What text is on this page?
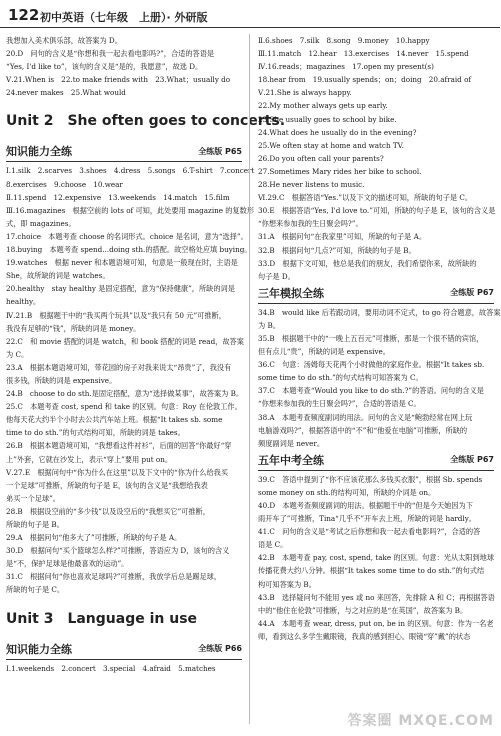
122 初中英语（七年级　上册）· 外研版
我想加入美术俱乐部，故答案为 D。
20.D　问句的含义是“你想和我一起去看电影吗?”，合适的答语是
“Yes, I'd like to”，该句的含义是“是的，我愿意”，故选 D。
Ⅴ.21.When is　22.to make friends with　23.What；usually do
24.never makes　25.What would
Unit 2　She often goes to concerts.
知识能力全练	全练版 P65
Ⅰ.1.silk　2.scarves　3.shoes　4.dress　5.songs　6.T-shirt　7.concert
8.exercises　9.choose　10.wear
Ⅱ.11.spend　12.expensive　13.weekends　14.match　15.film
Ⅲ.16.magazines　根据空前的 lots of 可知，此处要用 magazine 的复数形
式，即 magazines。
17.choice　本题考查 choose 的名词形式。choice 是名词，意为“选择”。
18.buying　本题考查 spend...doing sth.的搭配。故空格处应填 buying。
19.watches　根据 never 和本题语境可知，句意是一般现在时，主语是
She，故所缺的词是 watches。
20.healthy　stay healthy 是固定搭配，意为“保持健康”，所缺的词是
healthy。
Ⅳ.21.B　根据题干中的“我买两个玩具”以及“我只有 50 元”可推断，
我没有足够的“钱”，所缺的词是 money。
22.C　和 movie 搭配的词是 watch，和 book 搭配的词是 read，故答案
为 C。
23.A　根据本题语境可知，带花园的房子对我来说太“昂贵”了，我没有
很多钱，所缺的词是 expensive。
24.B　choose to do sth.是固定搭配，意为“选择做某事”，故答案为 B。
25.C　本题考查 cost, spend 和 take 的区别。句意：Roy 在伦敦工作。
他每天花大约半个小时去公共汽车站上班。根据“It takes sb. some
time to do sth.”的句式结构可知，所缺的词是 takes。
26.B　根据本题语境可知，“我想看这件衬衫”，后面的回答“你最好“穿
上”外套，它就在沙发上，表示“穿上”要用 put on。
Ⅴ.27.E　根据问句中“你为什么在这里”以及下文中的“你为什么给我买
一个足球”可推断，所缺的句子是 E，该句的含义是“我想给我表
弟买一个足球”。
28.B　根据设空前的“多少钱”以及设空后的“我想买它”可推断，
所缺的句子是 B。
29.A　根据问句“他多大了”可推断，所缺的句子是 A。
30.D　根据问句“买个篮球怎么样?”可推断，答语应为 D，该句的含义
是“不，保护足球是他最喜欢的运动”。
31.C　根据问句“你也喜欢足球吗?”可推断，我放学后总是踢足球，
所缺的句子是 C。
Unit 3　Language in use
知识能力全练	全练版 P66
Ⅰ.1.weekends　2.concert　3.special　4.afraid　5.matches
Ⅱ.6.shoes　7.silk　8.song　9.money　10.happy
Ⅲ.11.match　12.hear　13.exercises　14.never　15.spend
Ⅳ.16.reads；magazines　17.open my present(s)
18.hear from　19.usually spends；on；doing　20.afraid of
Ⅴ.21.She is always happy.
22.My mother always gets up early.
23.She usually goes to school by bike.
24.What does he usually do in the evening?
25.We often stay at home and watch TV.
26.Do you often call your parents?
27.Sometimes Mary rides her bike to school.
28.He never listens to music.
Ⅵ.29.C　根据答语“Yes.”以及下文的描述可知，所缺的句子是 C。
30.E　根据答语“Yes, I'd love to.”可知，所缺的句子是 E，该句的含义是
“你想来参加我的生日聚会吗?”。
31.A　根据问句“在我家里”可知，所缺的句子是 A。
32.B　根据问句“几点?”可知，所缺的句子是 B。
33.D　根据下文可知，他总是我们的朋友，我们希望你来，故所缺的
句子是 D。
三年模拟全练	全练版 P67
34.B　would like 后若跟动词，要用动词不定式，to go 符合题意，故答案
为 B。
35.B　根据题干中的“一晚上五百元”可推断，那是一个很不错的宾馆，
但有点儿“贵”，所缺的词是 expensive。
36.C　句意：汤姆每天花两个小时做他的家庭作业。根据“It takes sb.
some time to do sth.”的句式结构可知答案为 C。
37.C　本题考查“Would you like to do sth.?”的答语。问句的含义是
“你想来参加我的生日聚会吗?”，合适的答语是 C。
38.A　本题考查频度副词的用法。问句的含义是“鲍勃经常在网上玩
电脑游戏吗?”，根据答语中的“不”和“他爱在电脑”可推断，所缺的
频度副词是 never。
五年中考全练	全练版 P67
39.C　答语中提到了“你不应该花那么多钱买衣服”，根据 Sb. spends
some money on sth.的结构可知，所缺的介词是 on。
40.D　本题考查频度副词的用法。根据题干中的“但是今天她因为下
雨开车了”可推断，Tina“几乎不”开车去上班，所缺的词是 hardly。
41.C　问句的含义是“考试之后你想和我一起去看电影吗?”，合适的答
语是 C。
42.B　本题考查 pay, cost, spend, take 的区别。句意：光从太阳到地球
传播花费大约八分钟。根据“It takes some time to do sth.”的句式结
构可知答案为 B。
43.B　选择疑问句不能用 yes 或 no 来回答，先排除 A 和 C；再根据答语
中的“他住在伦敦”可推断，与之对应的是“在英国”，故答案为 B。
44.A　本题考查 wear, dress, put on, be in 的区别。句意：作为一名老
师，看到这么多学生戴眼镜，我真的感到担心。眼镜“穿”戴”的状态
答案圈 MXQE.COM
